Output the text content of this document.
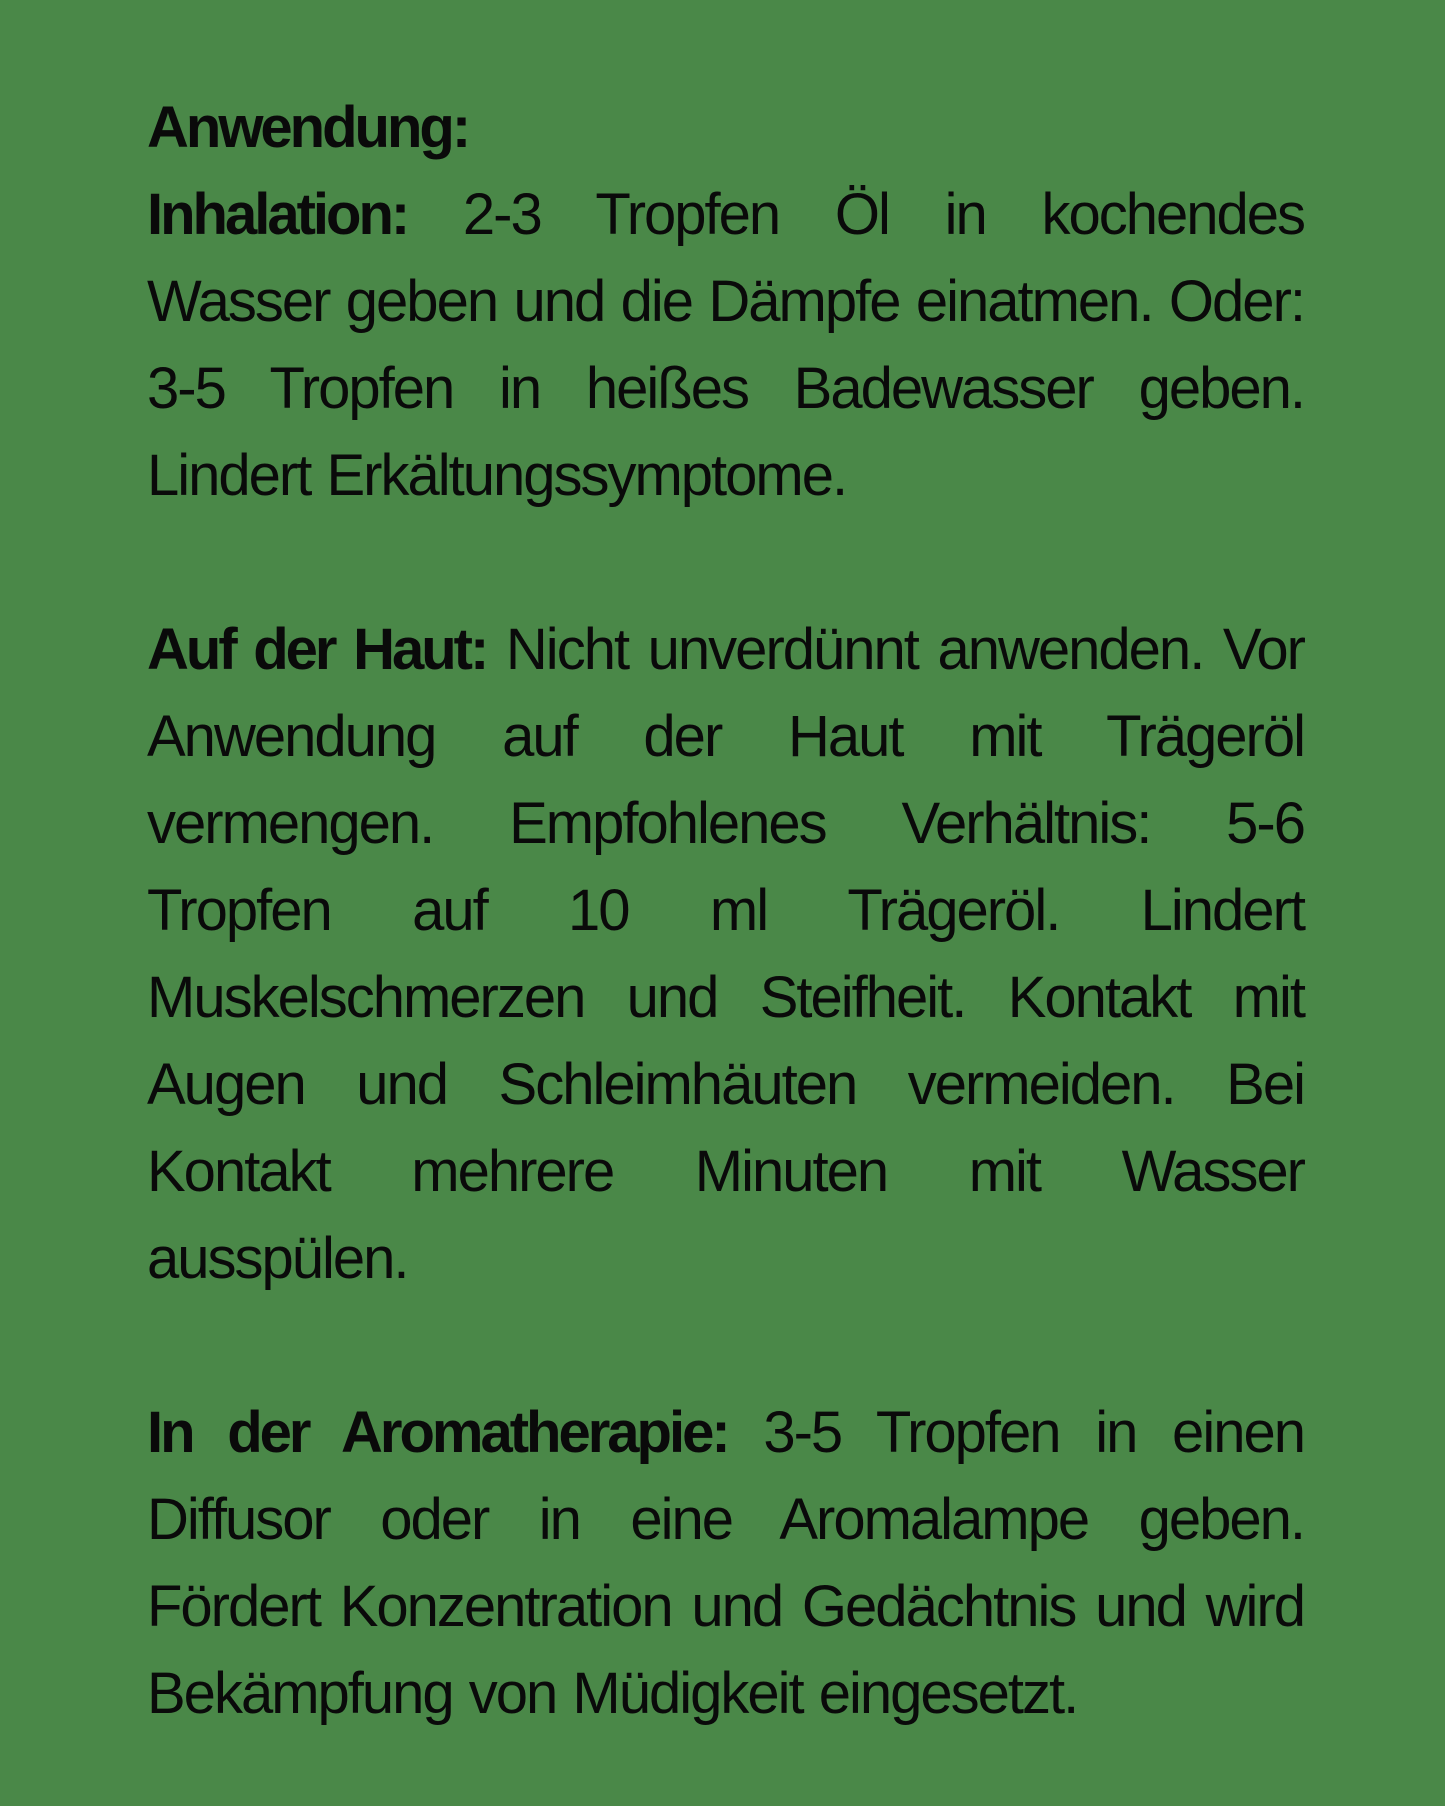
Anwendung:

Inhalation: 2-3 Tropfen Öl in kochendes Wasser geben und die Dämpfe einatmen. Oder: 3-5 Tropfen in heißes Badewasser geben. Lindert Erkältungssymptome.

Auf der Haut: Nicht unverdünnt anwenden. Vor Anwendung auf der Haut mit Trägeröl vermengen. Empfohlenes Verhältnis: 5-6 Tropfen auf 10 ml Trägeröl. Lindert Muskelschmerzen und Steifheit. Kontakt mit Augen und Schleimhäuten vermeiden. Bei Kontakt mehrere Minuten mit Wasser ausspülen.

In der Aromatherapie: 3-5 Tropfen in einen Diffusor oder in eine Aromalampe geben. Fördert Konzentration und Gedächtnis und wird Bekämpfung von Müdigkeit eingesetzt.
